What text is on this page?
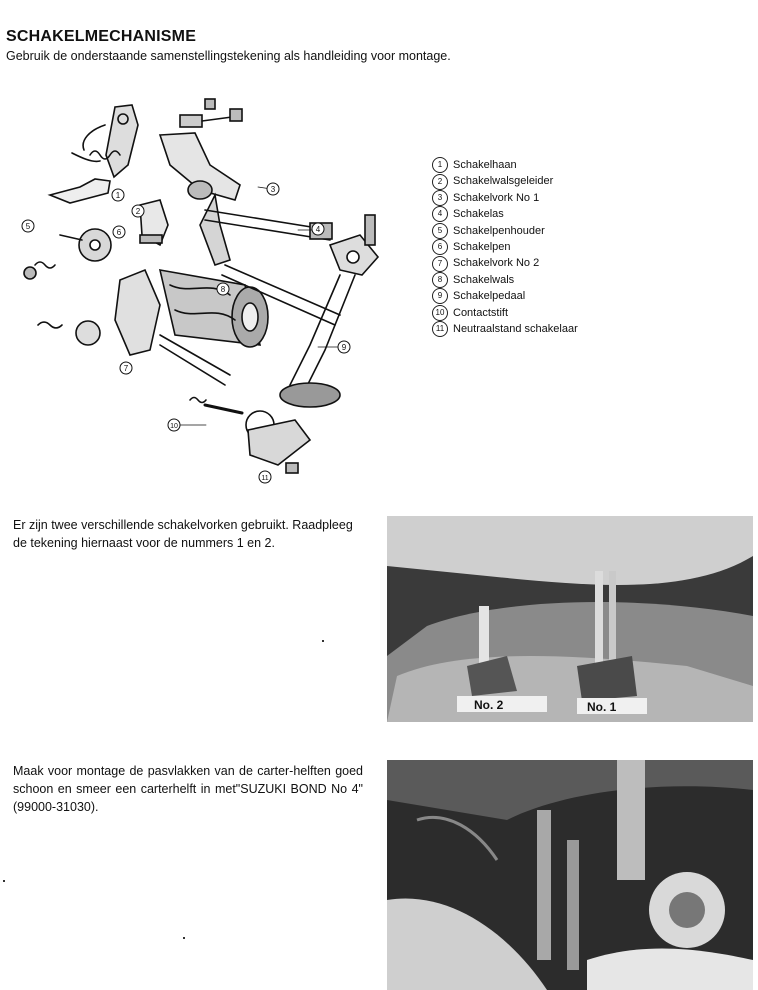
SCHAKELMECHANISME
Gebruik de onderstaande samenstellingstekening als handleiding voor montage.
1
2
3
4
5
6
7
8
9
10
11
1 Schakelhaan
2 Schakelwalsgeleider
3 Schakelvork No 1
4 Schakelas
5 Schakelpenhouder
6 Schakelpen
7 Schakelvork No 2
8 Schakelwals
9 Schakelpedaal
10 Contactstift
11 Neutraalstand schakelaar
Er zijn twee verschillende schakelvorken gebruikt. Raadpleeg de tekening hiernaast voor de nummers 1 en 2.
No. 2	No. 1
Maak voor montage de pasvlakken van de carter-helften goed schoon en smeer een carterhelft in met"SUZUKI BOND No 4" (99000-31030).
